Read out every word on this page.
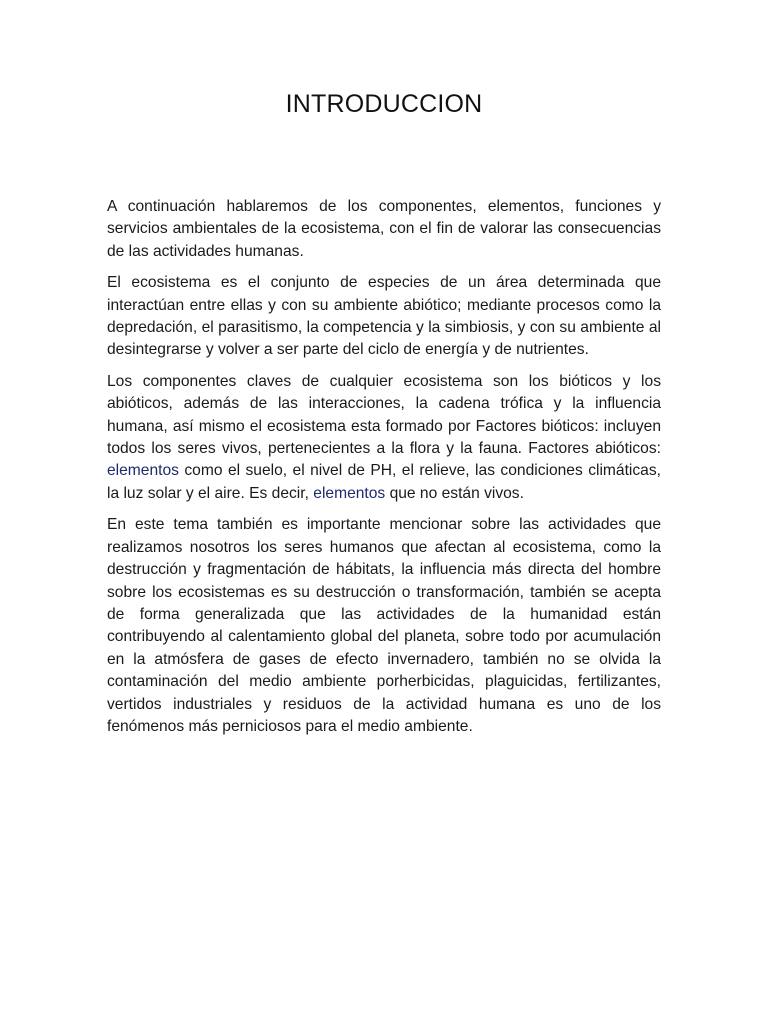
INTRODUCCION

A continuación hablaremos de los componentes, elementos, funciones y servicios ambientales de la ecosistema, con el fin de valorar las consecuencias de las actividades humanas.

El ecosistema es el conjunto de especies de un área determinada que interactúan entre ellas y con su ambiente abiótico; mediante procesos como la depredación, el parasitismo, la competencia y la simbiosis, y con su ambiente al desintegrarse y volver a ser parte del ciclo de energía y de nutrientes.

Los componentes claves de cualquier ecosistema son los bióticos y los abióticos, además de las interacciones, la cadena trófica y la influencia humana, así mismo el ecosistema esta formado por Factores bióticos: incluyen todos los seres vivos, pertenecientes a la flora y la fauna. Factores abióticos: elementos como el suelo, el nivel de PH, el relieve, las condiciones climáticas, la luz solar y el aire. Es decir, elementos que no están vivos.

En este tema también es importante mencionar sobre las actividades que realizamos nosotros los seres humanos que afectan al ecosistema, como la destrucción y fragmentación de hábitats, la influencia más directa del hombre sobre los ecosistemas es su destrucción o transformación, también se acepta de forma generalizada que las actividades de la humanidad están contribuyendo al calentamiento global del planeta, sobre todo por acumulación en la atmósfera de gases de efecto invernadero, también no se olvida la contaminación del medio ambiente porherbicidas, plaguicidas, fertilizantes, vertidos industriales y residuos de la actividad humana es uno de los fenómenos más perniciosos para el medio ambiente.
